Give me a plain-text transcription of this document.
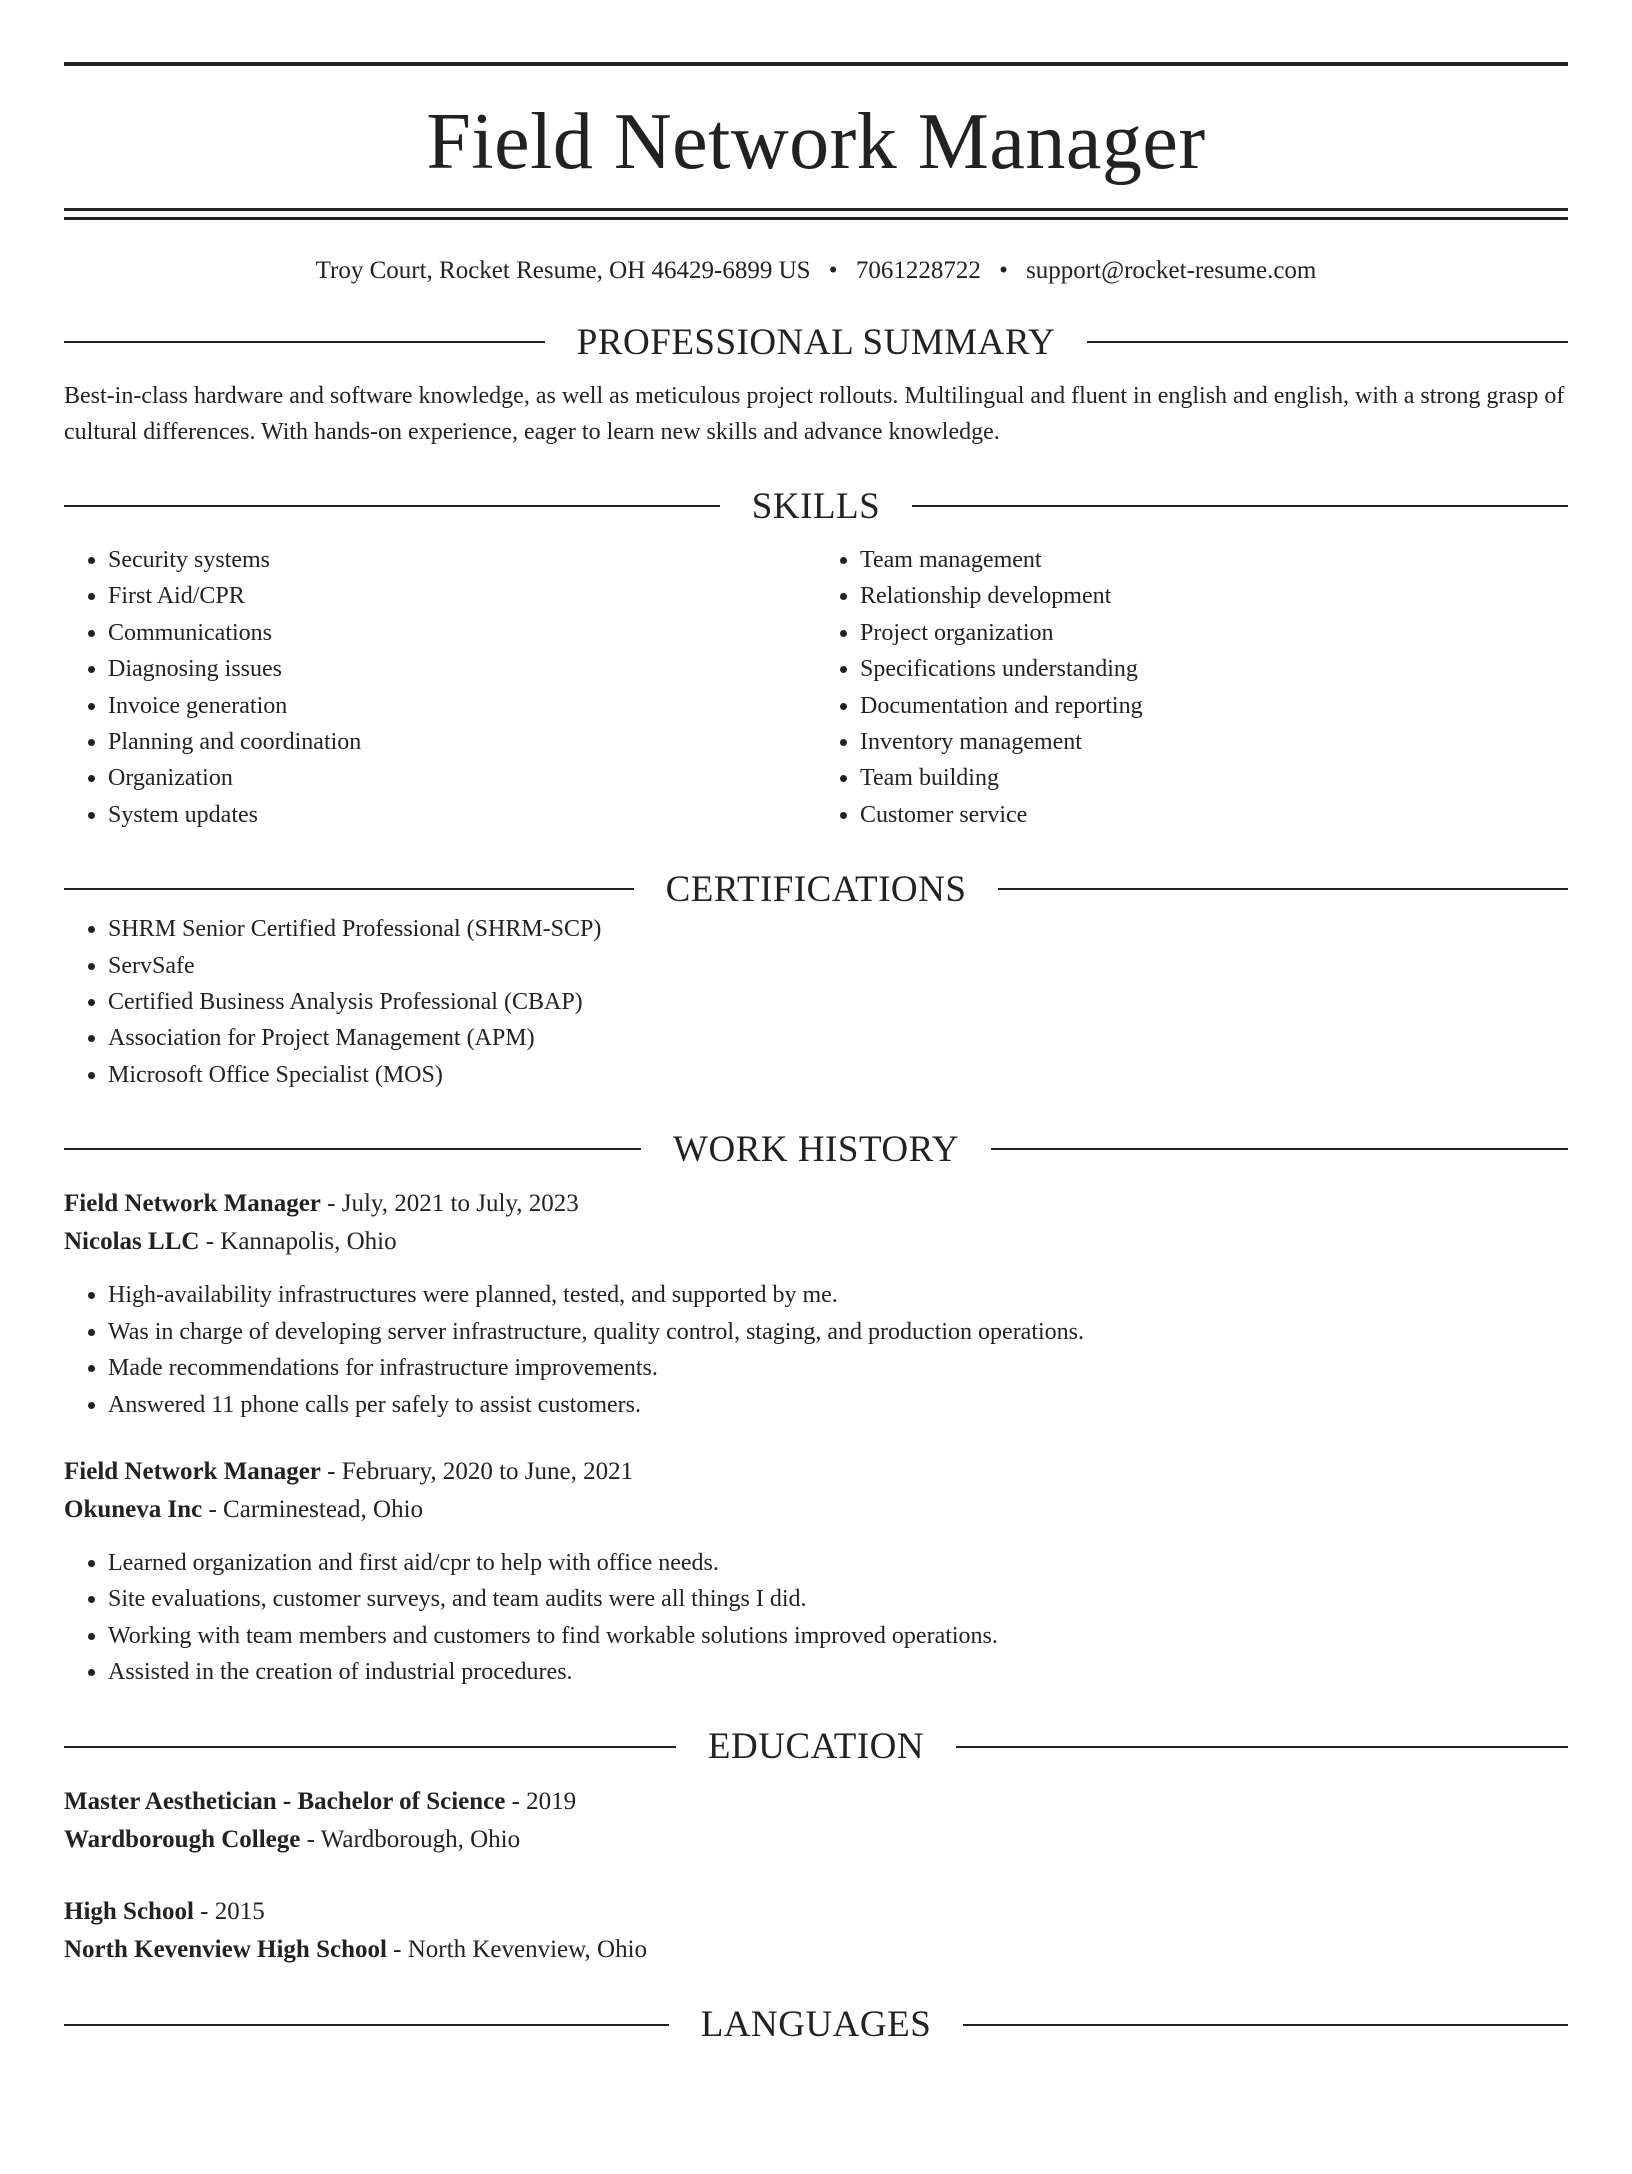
Field Network Manager
Troy Court, Rocket Resume, OH 46429-6899 US • 7061228722 • support@rocket-resume.com
PROFESSIONAL SUMMARY
Best-in-class hardware and software knowledge, as well as meticulous project rollouts. Multilingual and fluent in english and english, with a strong grasp of cultural differences. With hands-on experience, eager to learn new skills and advance knowledge.
SKILLS
• Security systems
• First Aid/CPR
• Communications
• Diagnosing issues
• Invoice generation
• Planning and coordination
• Organization
• System updates
• Team management
• Relationship development
• Project organization
• Specifications understanding
• Documentation and reporting
• Inventory management
• Team building
• Customer service
CERTIFICATIONS
• SHRM Senior Certified Professional (SHRM-SCP)
• ServSafe
• Certified Business Analysis Professional (CBAP)
• Association for Project Management (APM)
• Microsoft Office Specialist (MOS)
WORK HISTORY
Field Network Manager - July, 2021 to July, 2023
Nicolas LLC - Kannapolis, Ohio
• High-availability infrastructures were planned, tested, and supported by me.
• Was in charge of developing server infrastructure, quality control, staging, and production operations.
• Made recommendations for infrastructure improvements.
• Answered 11 phone calls per safely to assist customers.
Field Network Manager - February, 2020 to June, 2021
Okuneva Inc - Carminestead, Ohio
• Learned organization and first aid/cpr to help with office needs.
• Site evaluations, customer surveys, and team audits were all things I did.
• Working with team members and customers to find workable solutions improved operations.
• Assisted in the creation of industrial procedures.
EDUCATION
Master Aesthetician - Bachelor of Science - 2019
Wardborough College - Wardborough, Ohio
High School - 2015
North Kevenview High School - North Kevenview, Ohio
LANGUAGES
